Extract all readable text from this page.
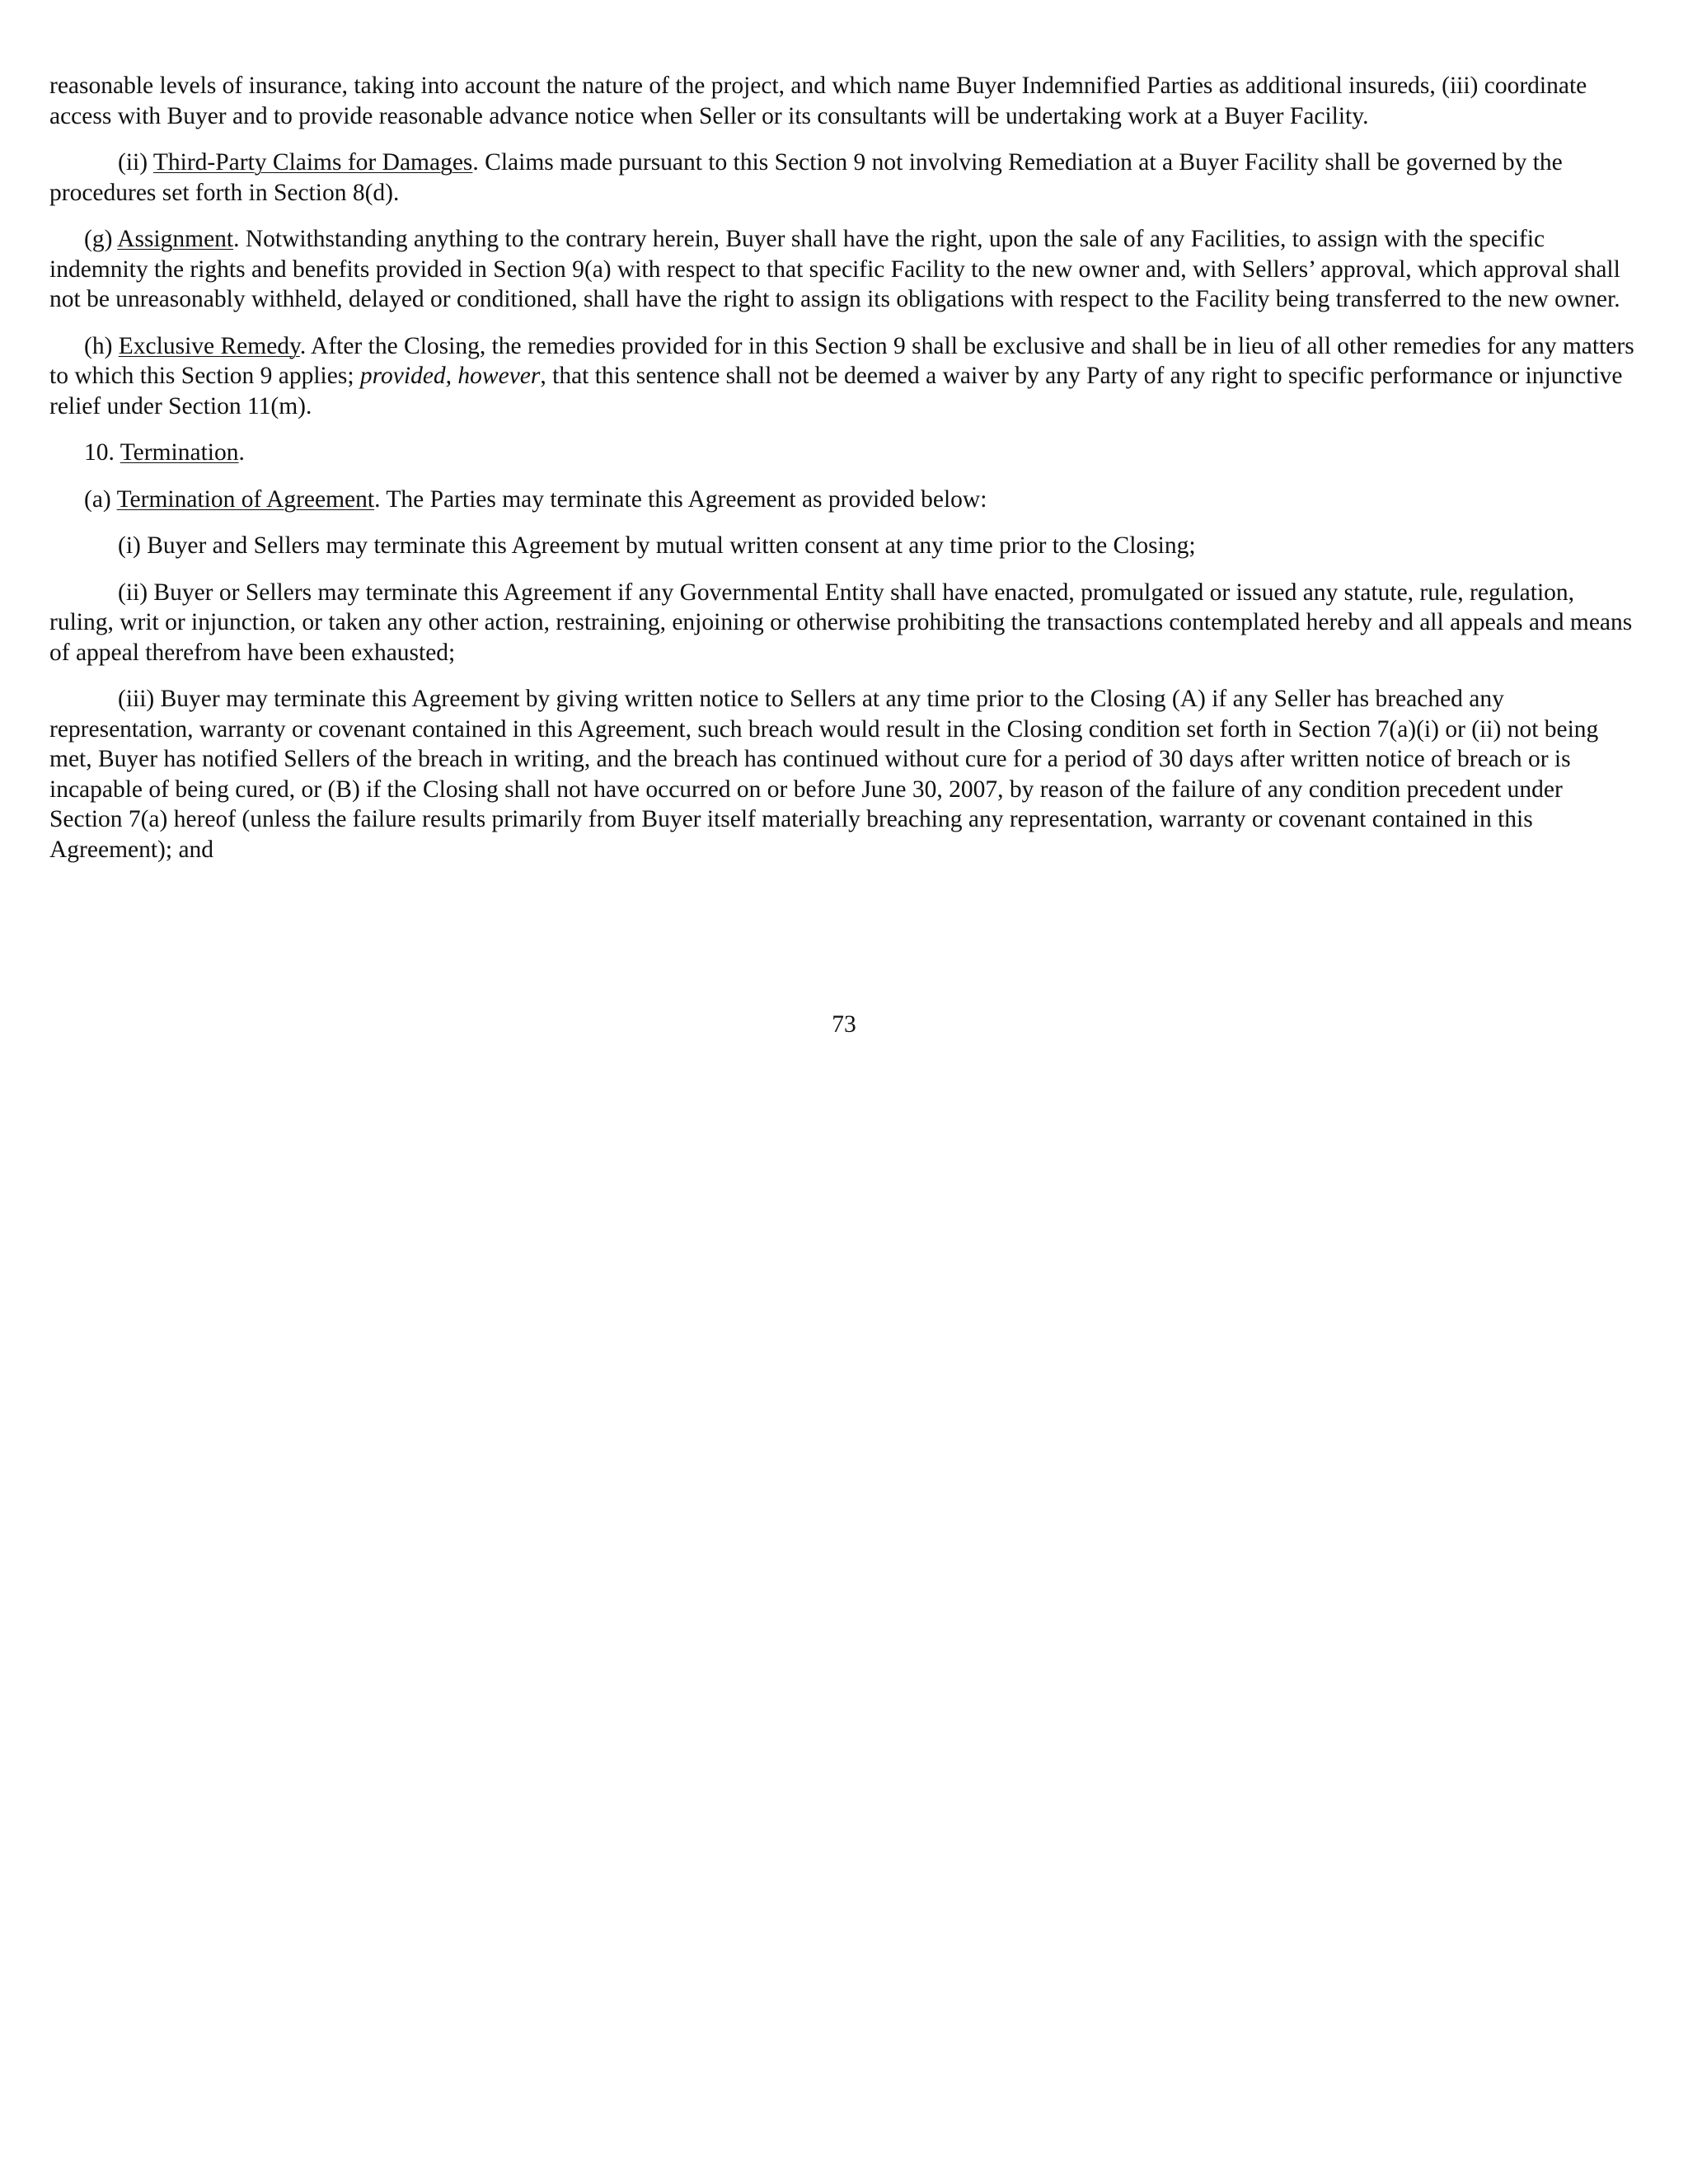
reasonable levels of insurance, taking into account the nature of the project, and which name Buyer Indemnified Parties as additional insureds, (iii) coordinate access with Buyer and to provide reasonable advance notice when Seller or its consultants will be undertaking work at a Buyer Facility.

(ii) Third-Party Claims for Damages. Claims made pursuant to this Section 9 not involving Remediation at a Buyer Facility shall be governed by the procedures set forth in Section 8(d).

(g) Assignment. Notwithstanding anything to the contrary herein, Buyer shall have the right, upon the sale of any Facilities, to assign with the specific indemnity the rights and benefits provided in Section 9(a) with respect to that specific Facility to the new owner and, with Sellers’ approval, which approval shall not be unreasonably withheld, delayed or conditioned, shall have the right to assign its obligations with respect to the Facility being transferred to the new owner.

(h) Exclusive Remedy. After the Closing, the remedies provided for in this Section 9 shall be exclusive and shall be in lieu of all other remedies for any matters to which this Section 9 applies; provided, however, that this sentence shall not be deemed a waiver by any Party of any right to specific performance or injunctive relief under Section 11(m).

10. Termination.

(a) Termination of Agreement. The Parties may terminate this Agreement as provided below:

(i) Buyer and Sellers may terminate this Agreement by mutual written consent at any time prior to the Closing;

(ii) Buyer or Sellers may terminate this Agreement if any Governmental Entity shall have enacted, promulgated or issued any statute, rule, regulation, ruling, writ or injunction, or taken any other action, restraining, enjoining or otherwise prohibiting the transactions contemplated hereby and all appeals and means of appeal therefrom have been exhausted;

(iii) Buyer may terminate this Agreement by giving written notice to Sellers at any time prior to the Closing (A) if any Seller has breached any representation, warranty or covenant contained in this Agreement, such breach would result in the Closing condition set forth in Section 7(a)(i) or (ii) not being met, Buyer has notified Sellers of the breach in writing, and the breach has continued without cure for a period of 30 days after written notice of breach or is incapable of being cured, or (B) if the Closing shall not have occurred on or before June 30, 2007, by reason of the failure of any condition precedent under Section 7(a) hereof (unless the failure results primarily from Buyer itself materially breaching any representation, warranty or covenant contained in this Agreement); and

73
